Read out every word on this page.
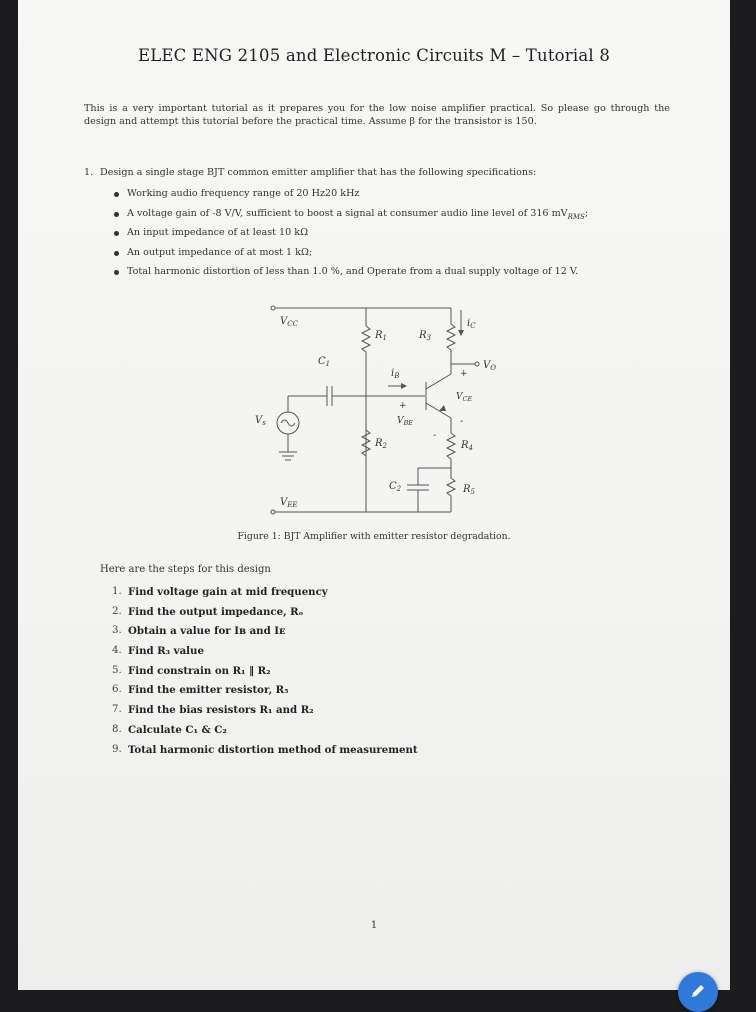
ELEC ENG 2105 and Electronic Circuits M – Tutorial 8
This is a very important tutorial as it prepares you for the low noise amplifier practical. So please go through the design and attempt this tutorial before the practical time. Assume β for the transistor is 150.
1. Design a single stage BJT common emitter amplifier that has the following specifications:
Working audio frequency range of 20 Hz20 kHz
A voltage gain of -8 V/V, sufficient to boost a signal at consumer audio line level of 316 $mV_{RMS}$;
An input impedance of at least 10 kΩ
An output impedance of at most 1 kΩ;
Total harmonic distortion of less than 1.0 %, and Operate from a dual supply voltage of 12 V.
$V_{CC}$
$R_1$	$R_3$
$i_C$
$C_1$
$i_B$	+
$V_O$
$V_{CE}$
+
$V_{BE}$	-
-
$V_s$
$R_2$	$R_4$
$C_2$	$R_5$
$V_{EE}$
Figure 1: BJT Amplifier with emitter resistor degradation.
Here are the steps for this design
1. Find voltage gain at mid frequency
2. Find the output impedance, Rₒ
3. Obtain a value for Iʙ and Iᴇ
4. Find R₃ value
5. Find constrain on R₁ ‖ R₂
6. Find the emitter resistor, R₅
7. Find the bias resistors R₁ and R₂
8. Calculate C₁ & C₂
9. Total harmonic distortion method of measurement
1
